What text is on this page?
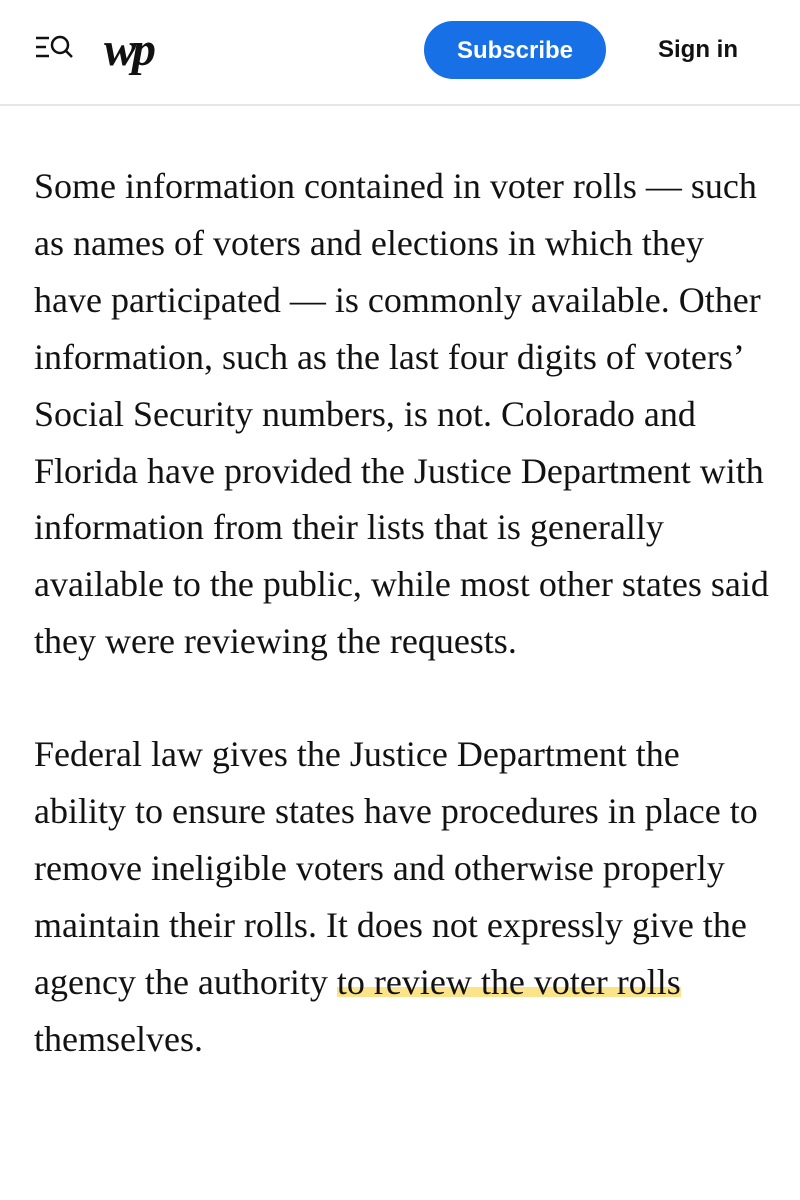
wp	Subscribe	Sign in

Some information contained in voter rolls — such as names of voters and elections in which they have participated — is commonly available. Other information, such as the last four digits of voters’ Social Security numbers, is not. Colorado and Florida have provided the Justice Department with information from their lists that is generally available to the public, while most other states said they were reviewing the requests.

Federal law gives the Justice Department the ability to ensure states have procedures in place to remove ineligible voters and otherwise properly maintain their rolls. It does not expressly give the agency the authority to review the voter rolls themselves.
